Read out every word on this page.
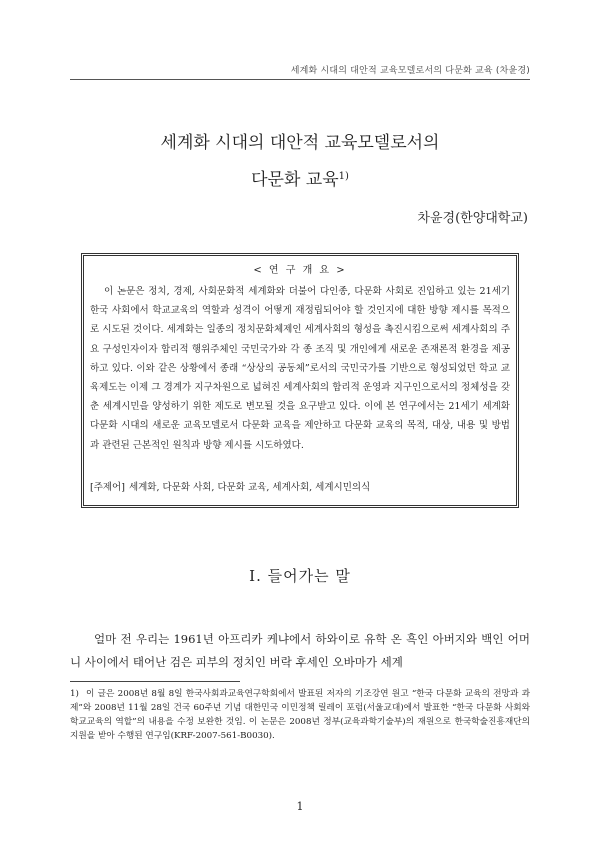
세계화 시대의 대안적 교육모델로서의 다문화 교육 (차윤경)
세계화 시대의 대안적 교육모델로서의
다문화 교육$^{1)}$
차윤경(한양대학교)
< 연 구 개 요 >

이 논문은 정치, 경제, 사회문화적 세계화와 더불어 다인종, 다문화 사회로 진입하고 있는 21세기 한국 사회에서 학교교육의 역할과 성격이 어떻게 재정립되어야 할 것인지에 대한 방향 제시를 목적으로 시도된 것이다. 세계화는 일종의 정치문화체제인 세계사회의 형성을 촉진시킴으로써 세계사회의 주요 구성인자이자 합리적 행위주체인 국민국가와 각 종 조직 및 개인에게 새로운 존재론적 환경을 제공하고 있다. 이와 같은 상황에서 종래 “상상의 공동체”로서의 국민국가를 기반으로 형성되었던 학교 교육제도는 이제 그 경계가 지구차원으로 넓혀진 세계사회의 합리적 운영과 지구인으로서의 정체성을 갖춘 세계시민을 양성하기 위한 제도로 변모될 것을 요구받고 있다. 이에 본 연구에서는 21세기 세계화 다문화 시대의 새로운 교육모델로서 다문화 교육을 제안하고 다문화 교육의 목적, 대상, 내용 및 방법과 관련된 근본적인 원칙과 방향 제시를 시도하였다.

[주제어] 세계화, 다문화 사회, 다문화 교육, 세계사회, 세계시민의식
I. 들어가는 말

얼마 전 우리는 1961년 아프리카 케냐에서 하와이로 유학 온 흑인 아버지와 백인 어머니 사이에서 태어난 검은 피부의 정치인 버락 후세인 오바마가 세계

1) 이 글은 2008년 8월 8일 한국사회과교육연구학회에서 발표된 저자의 기조강연 원고 “한국 다문화 교육의 전망과 과제”와 2008년 11월 28일 건국 60주년 기념 대한민국 이민정책 릴레이 포럼(서울교대)에서 발표한 “한국 다문화 사회와 학교교육의 역할”의 내용을 수정 보완한 것임. 이 논문은 2008년 정부(교육과학기술부)의 재원으로 한국학술진흥재단의 지원을 받아 수행된 연구임(KRF-2007-561-B0030).

1
